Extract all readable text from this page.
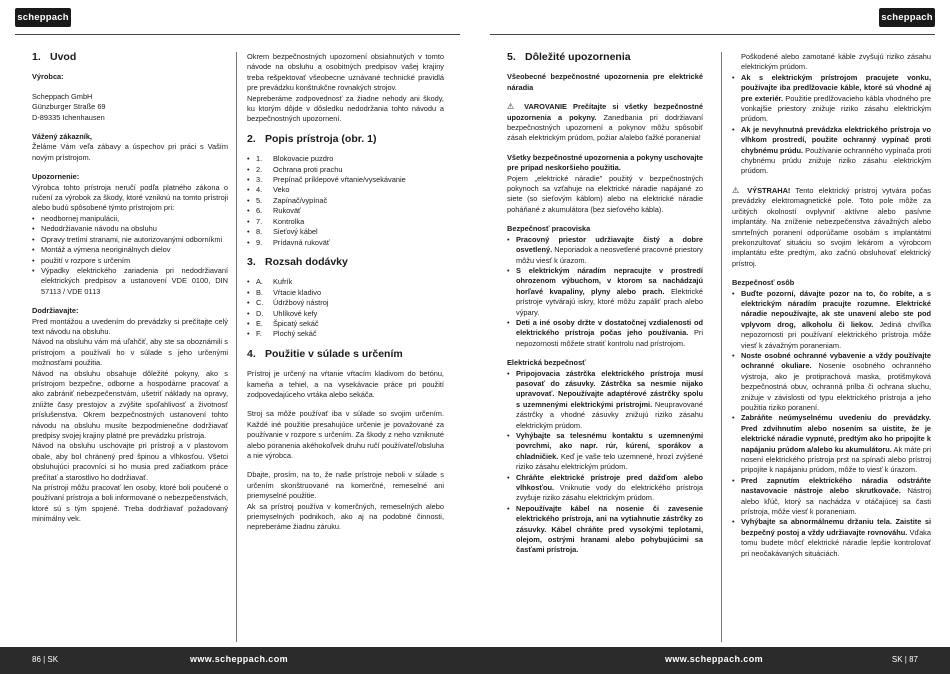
scheppach
1. Úvod

Výrobca:

Scheppach GmbH

Günzburger Straße 69

D-89335 Ichenhausen

Vážený zákazník,

Želáme Vám veľa zábavy a úspechov pri práci s Vaším novým prístrojom.

Upozornenie:

Výrobca tohto prístroja neručí podľa platného zákona o ručení za výrobok za škody, ktoré vzniknú na tomto prístroji alebo budú spôsobené týmto prístrojom pri:

• neodbornej manipulácii,
• Nedodržiavanie návodu na obsluhu
• Opravy tretími stranami, nie autorizovanými odborníkmi
• Montáž a výmena neoriginálnych dielov
• použití v rozpore s určením
• Výpadky elektrického zariadenia pri nedodržiavaní elektrických predpisov a ustanovení VDE 0100, DIN 57113 / VDE 0113

Dodržiavajte:

Pred montážou a uvedením do prevádzky si prečítajte celý text návodu na obsluhu.

Návod na obsluhu vám má uľahčiť, aby ste sa oboznámili s prístrojom a používali ho v súlade s jeho určenými možnosťami použitia.

Návod na obsluhu obsahuje dôležité pokyny, ako s prístrojom bezpečne, odborne a hospodárne pracovať a ako zabrániť nebezpečenstvám, ušetriť náklady na opravy, zníižte časy prestojov a zvýšite spoľahlivosť a životnosť príslušenstva. Okrem bezpečnostných ustanovení tohto návodu na obsluhu musíte bezpodmienečne dodržiavať predpisy svojej krajiny platné pre prevádzku prístroja.

Návod na obsluhu uschovajte pri prístroji a v plastovom obale, aby bol chránený pred špinou a vlhkosťou. Všetci obsluhujúci pracovníci si ho musia pred začiatkom práce prečítať a starostlivo ho dodržiavať.

Na prístroji môžu pracovať len osoby, ktoré boli poučené o používaní prístroja a boli informované o nebezpečenstvách, ktoré sú s tým spojené. Treba dodržiavať požadovaný minimálny vek.

Okrem bezpečnostných upozornení obsiahnutých v tomto návode na obsluhu a osobitných predpisov vašej krajiny treba rešpektovať všeobecne uznávané technické pravidlá pre prevádzku konštrukčne rovnakých strojov.

Nepreberáme zodpovednosť za žiadne nehody ani škody, ku ktorým dôjde v dôsledku nedodržania tohto návodu a bezpečnostných upozornení.

2. Popis prístroja (obr. 1)
• 1.	Blokovacie puzdro
• 2.	Ochrana proti prachu
• 3.	Prepínač príklepové vŕtanie/vysekávanie
• 4.	Veko
• 5.	Zapínač/vypínač
• 6.	Rukoväť
• 7.	Kontrolka
• 8.	Sieťový kábel
• 9.	Prídavná rukoväť
3. Rozsah dodávky
• A.	Kufrík
• B.	Vŕtacie kladivo
• C.	Údržbový nástroj
• D.	Uhlíkové kefy
• E.	Špicatý sekáč
• F.	Plochý sekáč
4. Použitie v súlade s určením

Prístroj je určený na vŕtanie vŕtacím kladivom do betónu, kameňa a tehiel, a na vysekávacie práce pri použití zodpovedajúceho vrtáka alebo sekáča.

Stroj sa môže používať iba v súlade so svojim určením. Každé iné použitie presahujúce určenie je považované za používanie v rozpore s určením. Za škody z neho vzniknuté alebo poranenia akéhokoľvek druhu ručí používateľ/obsluha a nie výrobca.

Dbajte, prosím, na to, že naše prístroje neboli v súlade s určením skonštruované na komerčné, remeselné ani priemyselné použitie.

Ak sa prístroj používa v komerčných, remeselných alebo priemyselných podnikoch, ako aj na podobné činnosti, nepreberáme žiadnu záruku.

86 | SK	www.scheppach.com
scheppach
5. Dôležité upozornenia

Všeobecné bezpečnostné upozornenia pre elektrické náradia

⚠ VAROVANIE Prečítajte si všetky bezpečnostné upozornenia a pokyny. Zanedbania pri dodržiavaní bezpečnostných upozornení a pokynov môžu spôsobiť zásah elektrickým prúdom, požiar a/alebo ťažké poranenia!

Všetky bezpečnostné upozornenia a pokyny uschovajte pre prípad neskoršieho použitia.

Pojem „elektrické náradie" použitý v bezpečnostných pokynoch sa vzťahuje na elektrické náradie napájané zo siete (so sieťovým káblom) alebo na elektrické náradie poháňané z akumulátora (bez sieťového kábla).

Bezpečnosť pracoviska

• Pracovný priestor udržiavajte čistý a dobre osvetlený. Neporiadok a neosvetlené pracovné priestory môžu viesť k úrazom.
• S elektrickým náradím nepracujte v prostredí ohrozenom výbuchom, v ktorom sa nachádzajú horľavé kvapaliny, plyny alebo prach. Elektrické prístroje vytvárajú iskry, ktoré môžu zapáliť prach alebo výpary.
• Deti a iné osoby držte v dostatočnej vzdialenosti od elektrického prístroja počas jeho používania. Pri nepozornosti môžete stratiť kontrolu nad prístrojom.

Elektrická bezpečnosť

• Pripojovacia zástrčka elektrického prístroja musí pasovať do zásuvky. Zástrčka sa nesmie nijako upravovať. Nepoužívajte adaptérové zástrčky spolu s uzemnenými elektrickými prístrojmi. Neupravované zástrčky a vhodné zásuvky znižujú riziko zásahu elektrickým prúdom.
• Vyhýbajte sa telesnému kontaktu s uzemnenými povrchmi, ako napr. rúr, kúrení, sporákov a chladničiek. Keď je vaše telo uzemnené, hrozí zvýšené riziko zásahu elektrickým prúdom.
• Chráňte elektrické prístroje pred dažďom alebo vlhkosťou. Vniknutie vody do elektrického prístroja zvyšuje riziko zásahu elektrickým prúdom.
• Nepoužívajte kábel na nosenie či zavesenie elektrického prístroja, ani na vytiahnutie zástrčky zo zásuvky. Kábel chráňte pred vysokými teplotami, olejom, ostrými hranami alebo pohybujúcimi sa časťami prístroja.

Poškodené alebo zamotané káble zvyšujú riziko zásahu elektrickým prúdom.

• Ak s elektrickým prístrojom pracujete vonku, používajte iba predlžovacie káble, ktoré sú vhodné aj pre exteriér. Použitie predlžovacieho kábla vhodného pre vonkajšie priestory znižuje riziko zásahu elektrickým prúdom.
• Ak je nevyhnutná prevádzka elektrického prístroja vo vlhkom prostredí, použite ochranný vypínač proti chybnému prúdu. Používanie ochranného vypínača proti chybnému prúdu znižuje riziko zásahu elektrickým prúdom.

⚠ VÝSTRAHA! Tento elektrický prístroj vytvára počas prevádzky elektromagnetické pole. Toto pole môže za určitých okolností ovplyvniť aktívne alebo pasívne implantáty. Na zníženie nebezpečenstva závažných alebo smrteľných poranení odporúčame osobám s implantátmi prekonzultovať situáciu so svojim lekárom a výrobcom implantátu ešte predtým, ako začnú obsluhovať elektrický prístroj.

Bezpečnosť osôb

• Buďte pozorní, dávajte pozor na to, čo robíte, a s elektrickým náradím pracujte rozumne. Elektrické náradie nepoužívajte, ak ste unavení alebo ste pod vplyvom drog, alkoholu či liekov. Jediná chvíľka nepozornosti pri používaní elektrického prístroja môže viesť k závažným poraneniam.
• Noste osobné ochranné vybavenie a vždy používajte ochranné okuliare. Nosenie osobného ochranného výstroja, ako je protiprachová maska, protišmyková bezpečnostná obuv, ochranná prilba či ochrana sluchu, znižuje v závislosti od typu elektrického prístroja a jeho použitia riziko poranení.
• Zabráňte neúmyselnému uvedeniu do prevádzky. Pred zdvihnutím alebo nosením sa uistite, že je elektrické náradie vypnuté, predtým ako ho pripojíte k napájaniu prúdom a/alebo ku akumulátoru. Ak máte pri nosení elektrického prístroja prst na spínači alebo prístroj pripojíte k napájaniu prúdom, môže to viesť k úrazom.
• Pred zapnutím elektrického náradia odstráňte nastavovacie nástroje alebo skrutkovače. Nástroj alebo kľúč, ktorý sa nachádza v otáčajúcej sa časti prístroja, môže viesť k poraneniam.
• Vyhýbajte sa abnormálnemu držaniu tela. Zaistite si bezpečný postoj a vždy udržiavajte rovnováhu. Vďaka tomu budete môcť elektrické náradie lepšie kontrolovať pri neočakávaných situáciách.
www.scheppach.com	SK | 87
